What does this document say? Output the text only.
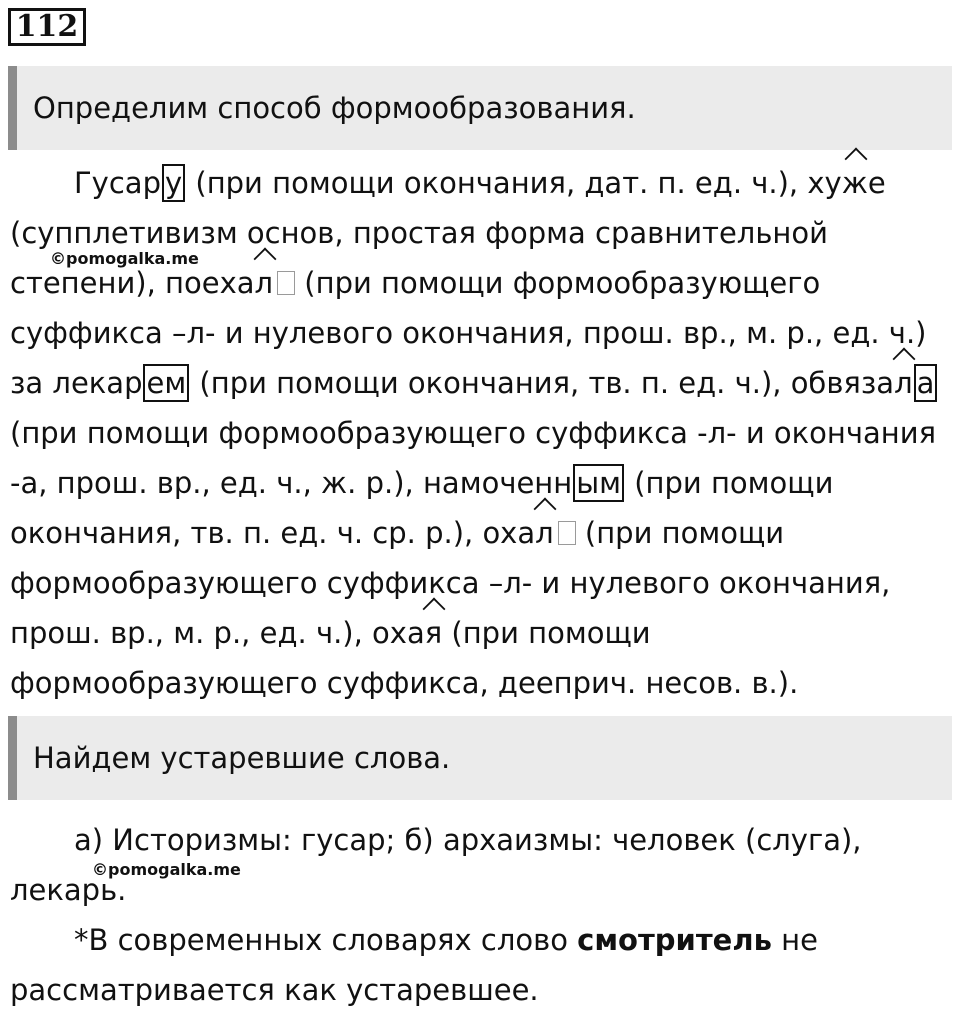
112
Определим способ формообразования.
Гусар у (при помощи окончания, дат. п. ед. ч.), хуже
(супплетивизм основ, простая форма сравнительной
степени), поехал (при помощи формообразующего
суффикса –л- и нулевого окончания, прош. вр., м. р., ед. ч.)
за лекар ем (при помощи окончания, тв. п. ед. ч.), обвязал а
(при помощи формообразующего суффикса -л- и окончания
-а, прош. вр., ед. ч., ж. р.), намоченн ым (при помощи
окончания, тв. п. ед. ч. ср. р.), охал (при помощи
формообразующего суффикса –л- и нулевого окончания,
прош. вр., м. р., ед. ч.), охая (при помощи
формообразующего суффикса, дееприч. несов. в.).
Найдем устаревшие слова.
а) Историзмы: гусар; б) архаизмы: человек (слуга),
лекарь.
*В современных словарях слово смотритель не
рассматривается как устаревшее.
©pomogalka.me
©pomogalka.me
